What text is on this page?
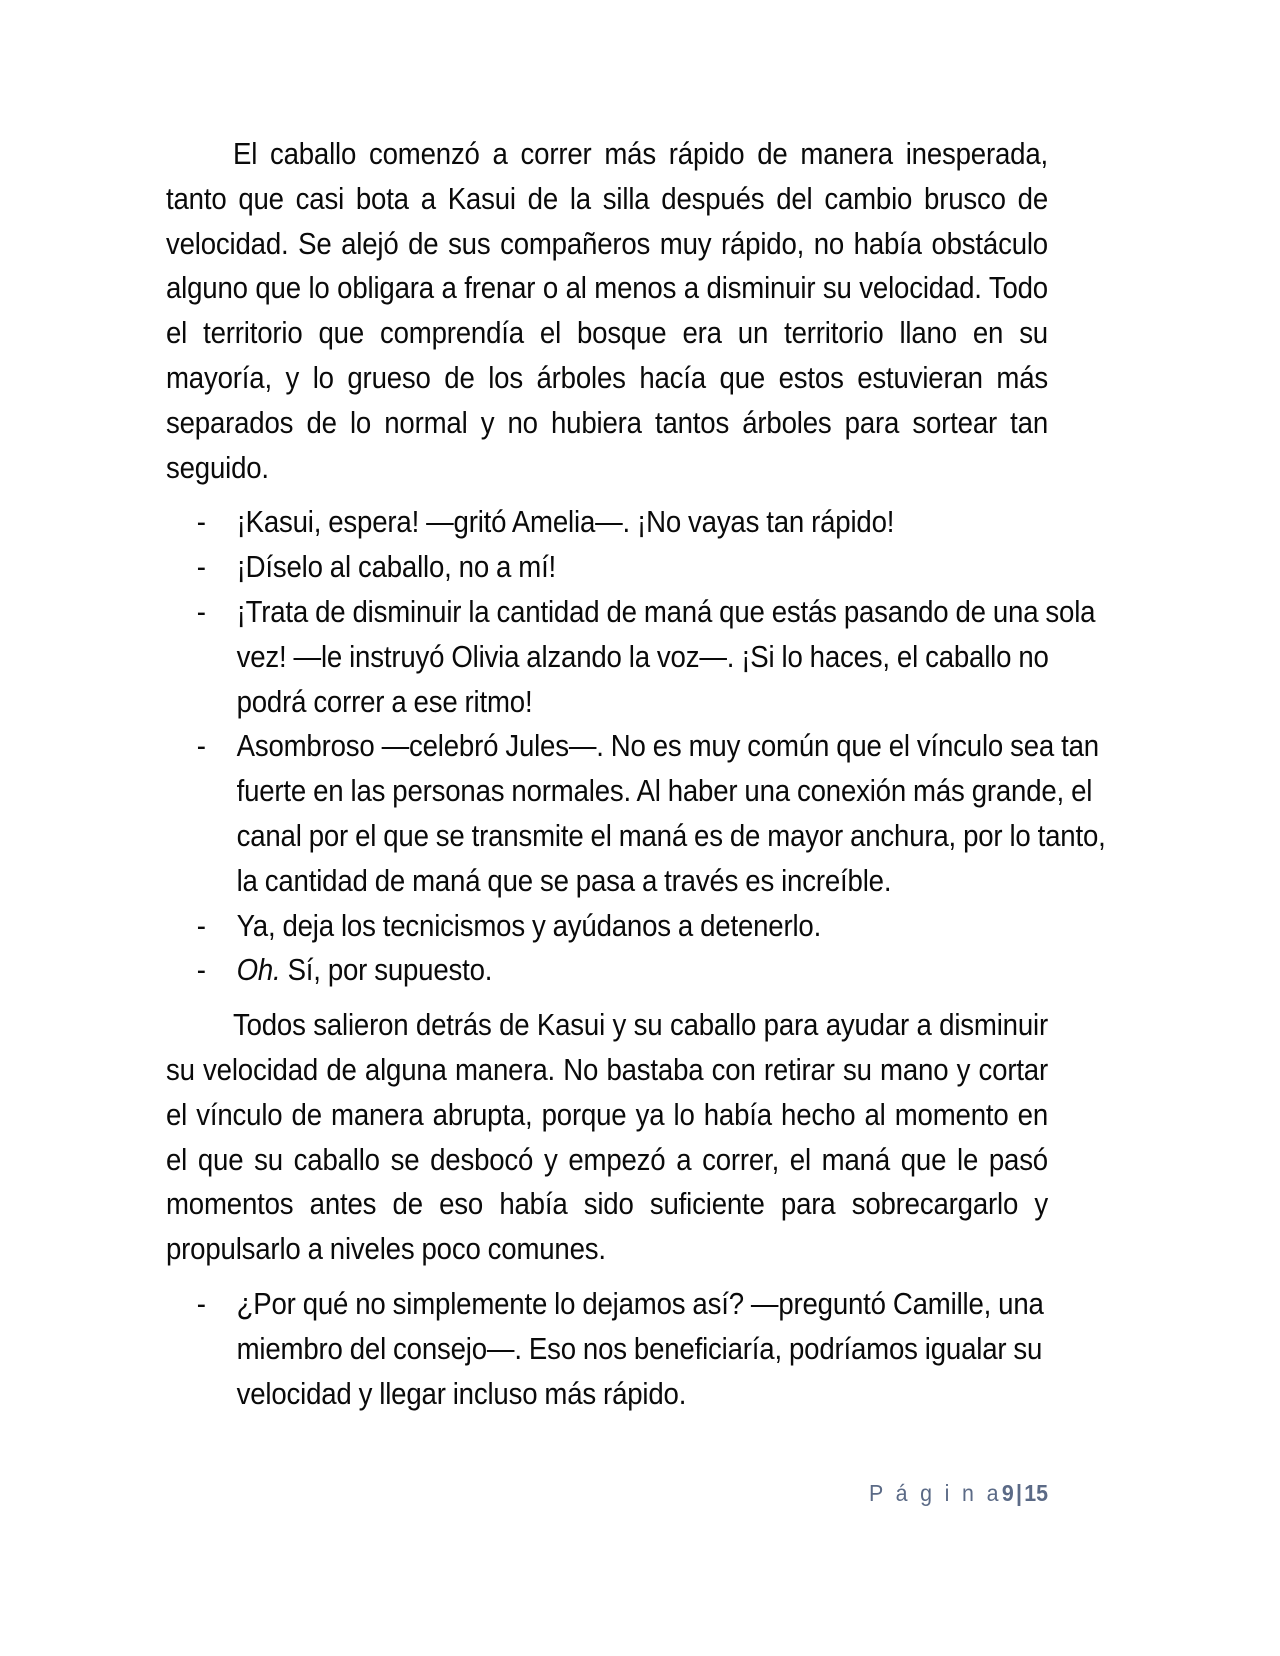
El caballo comenzó a correr más rápido de manera inesperada, tanto que casi bota a Kasui de la silla después del cambio brusco de velocidad. Se alejó de sus compañeros muy rápido, no había obstáculo alguno que lo obligara a frenar o al menos a disminuir su velocidad. Todo el territorio que comprendía el bosque era un territorio llano en su mayoría, y lo grueso de los árboles hacía que estos estuvieran más separados de lo normal y no hubiera tantos árboles para sortear tan seguido.

- ¡Kasui, espera! —gritó Amelia—. ¡No vayas tan rápido!
- ¡Díselo al caballo, no a mí!
- ¡Trata de disminuir la cantidad de maná que estás pasando de una sola vez! —le instruyó Olivia alzando la voz—. ¡Si lo haces, el caballo no podrá correr a ese ritmo!
- Asombroso —celebró Jules—. No es muy común que el vínculo sea tan fuerte en las personas normales. Al haber una conexión más grande, el canal por el que se transmite el maná es de mayor anchura, por lo tanto, la cantidad de maná que se pasa a través es increíble.
- Ya, deja los tecnicismos y ayúdanos a detenerlo.
- Oh. Sí, por supuesto.

Todos salieron detrás de Kasui y su caballo para ayudar a disminuir su velocidad de alguna manera. No bastaba con retirar su mano y cortar el vínculo de manera abrupta, porque ya lo había hecho al momento en el que su caballo se desbocó y empezó a correr, el maná que le pasó momentos antes de eso había sido suficiente para sobrecargarlo y propulsarlo a niveles poco comunes.

- ¿Por qué no simplemente lo dejamos así? —preguntó Camille, una miembro del consejo—. Eso nos beneficiaría, podríamos igualar su velocidad y llegar incluso más rápido.
P á g i n a9|15
